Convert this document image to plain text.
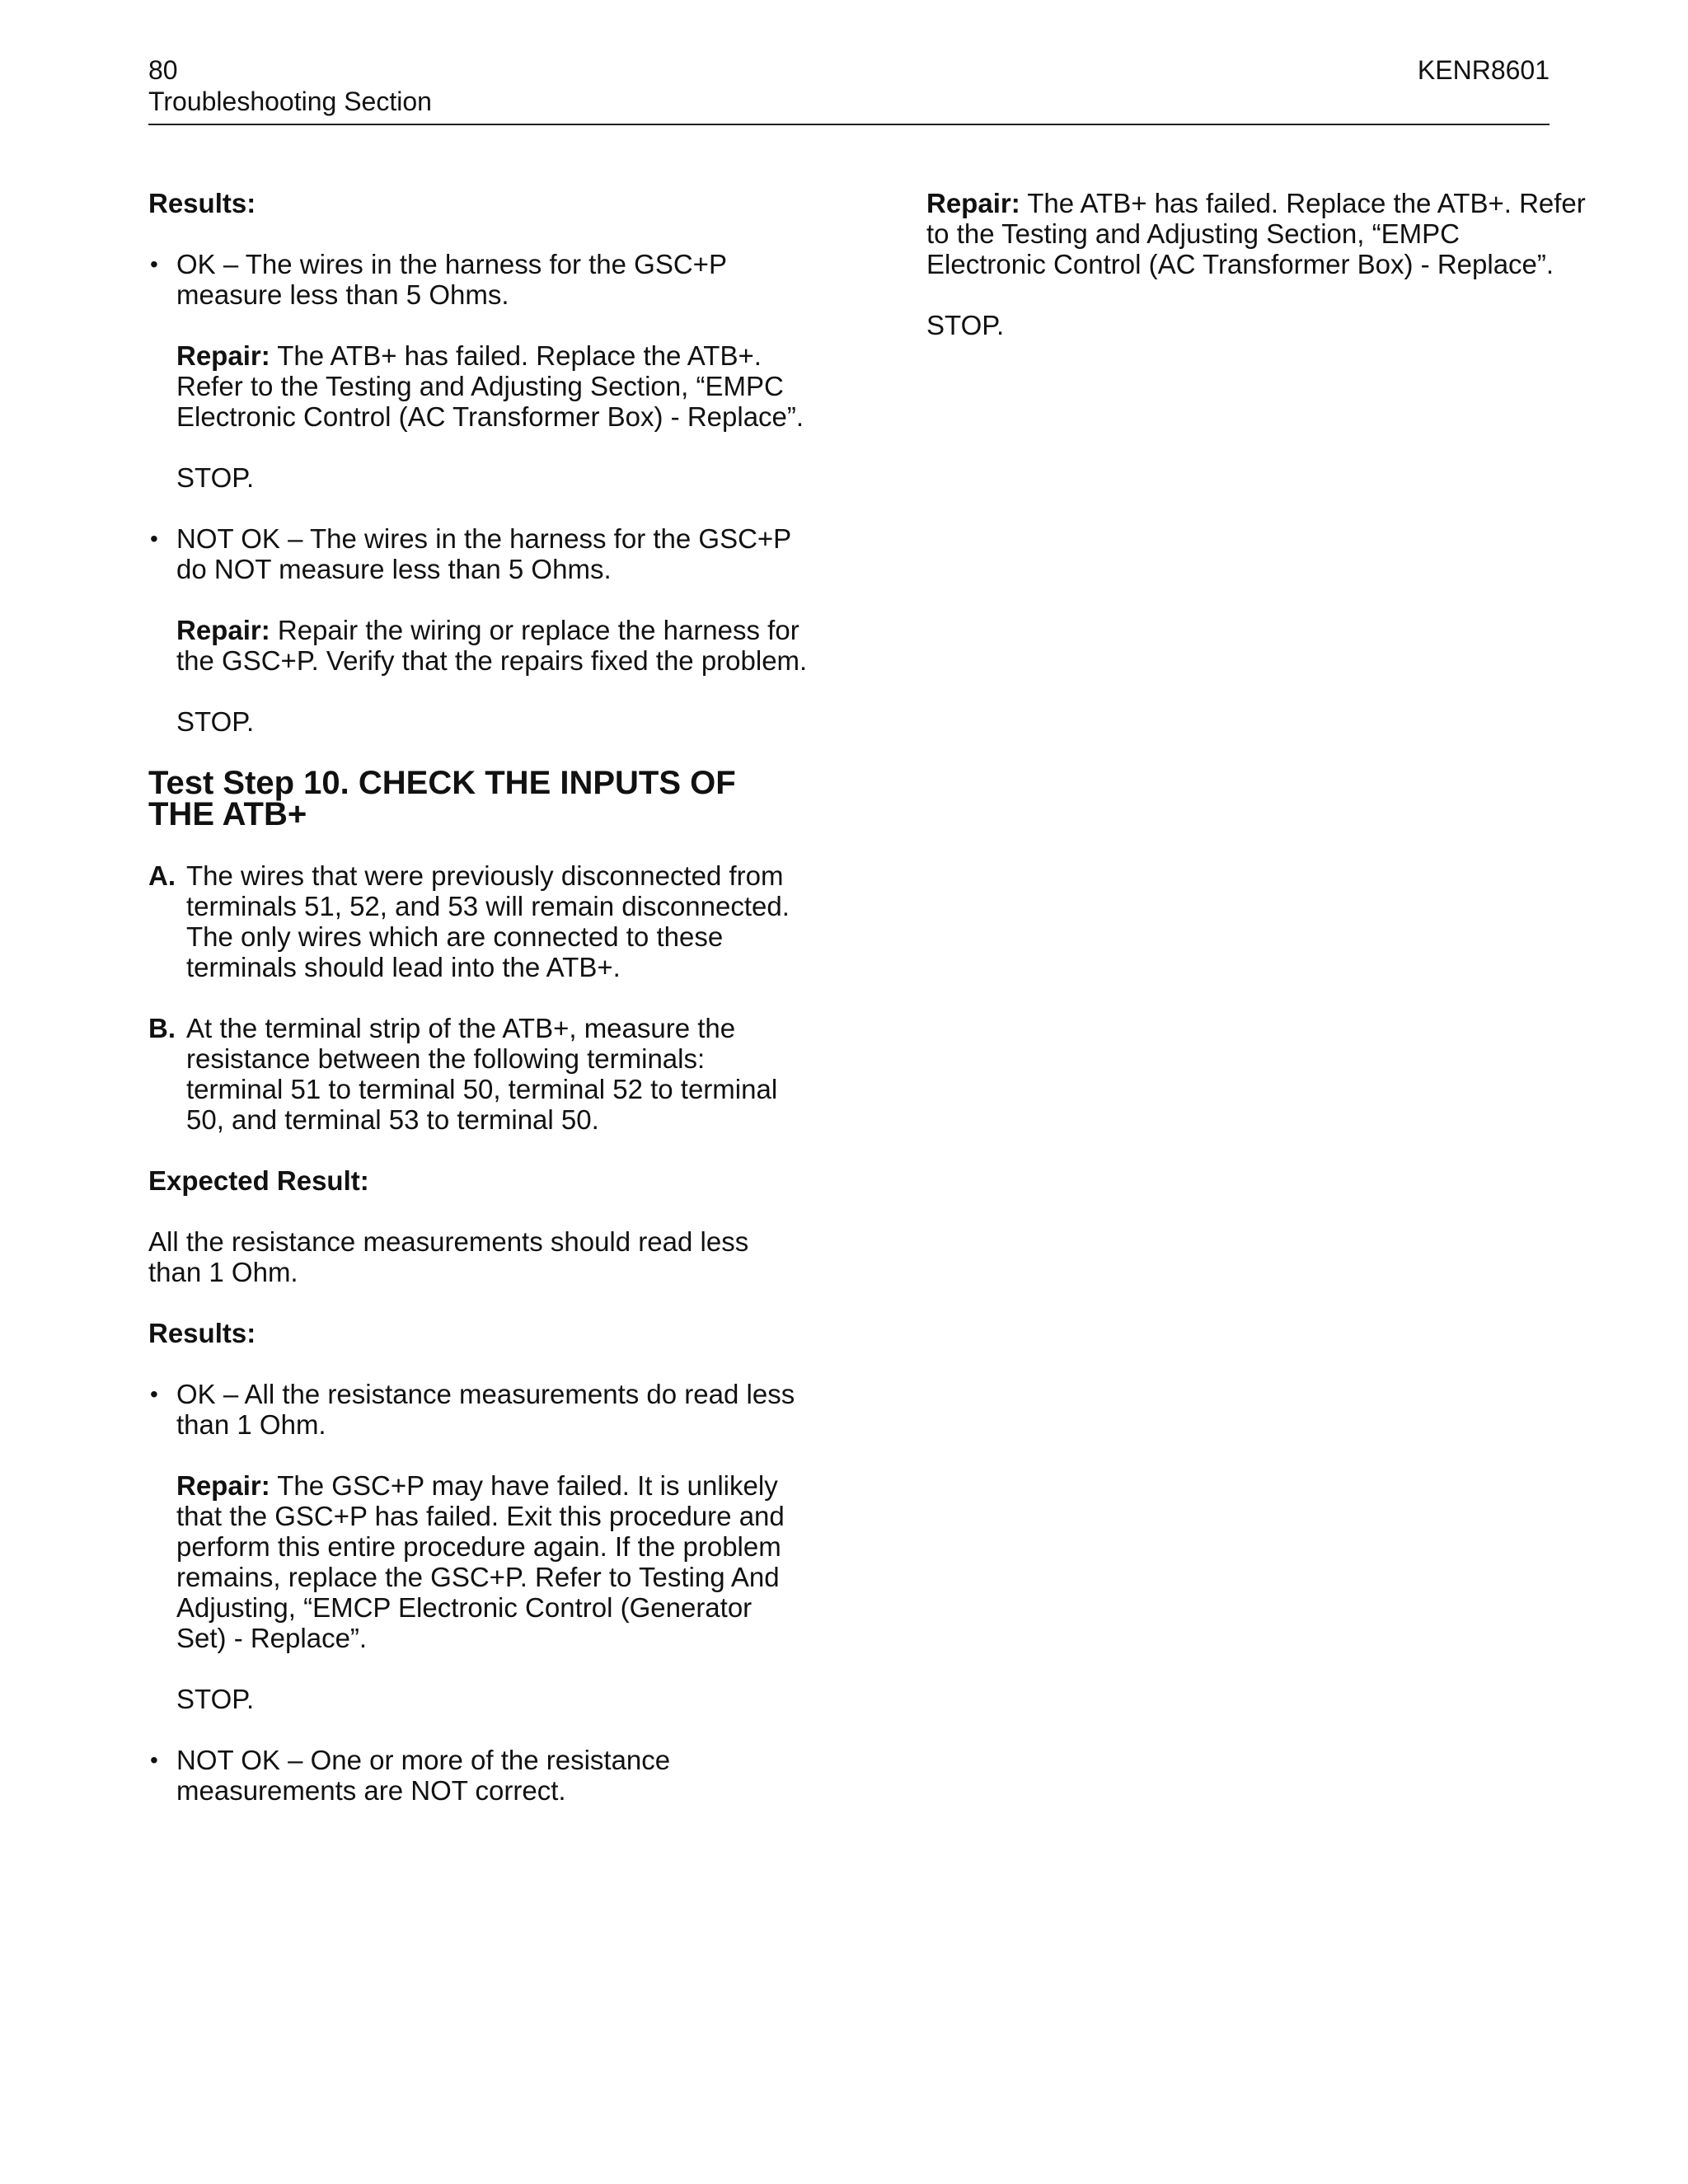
80	KENR8601
Troubleshooting Section

Results:

• OK – The wires in the harness for the GSC+P measure less than 5 Ohms.

Repair: The ATB+ has failed. Replace the ATB+. Refer to the Testing and Adjusting Section, “EMPC Electronic Control (AC Transformer Box) - Replace”.

STOP.

• NOT OK – The wires in the harness for the GSC+P do NOT measure less than 5 Ohms.

Repair: Repair the wiring or replace the harness for the GSC+P. Verify that the repairs fixed the problem.

STOP.

Test Step 10. CHECK THE INPUTS OF THE ATB+
A. The wires that were previously disconnected from terminals 51, 52, and 53 will remain disconnected. The only wires which are connected to these terminals should lead into the ATB+.

B. At the terminal strip of the ATB+, measure the resistance between the following terminals: terminal 51 to terminal 50, terminal 52 to terminal 50, and terminal 53 to terminal 50.

Expected Result:

All the resistance measurements should read less than 1 Ohm.

Results:

• OK – All the resistance measurements do read less than 1 Ohm.

Repair: The GSC+P may have failed. It is unlikely that the GSC+P has failed. Exit this procedure and perform this entire procedure again. If the problem remains, replace the GSC+P. Refer to Testing And Adjusting, “EMCP Electronic Control (Generator Set) - Replace”.

STOP.

• NOT OK – One or more of the resistance measurements are NOT correct.

Repair: The ATB+ has failed. Replace the ATB+. Refer to the Testing and Adjusting Section, “EMPC Electronic Control (AC Transformer Box) - Replace”.

STOP.
